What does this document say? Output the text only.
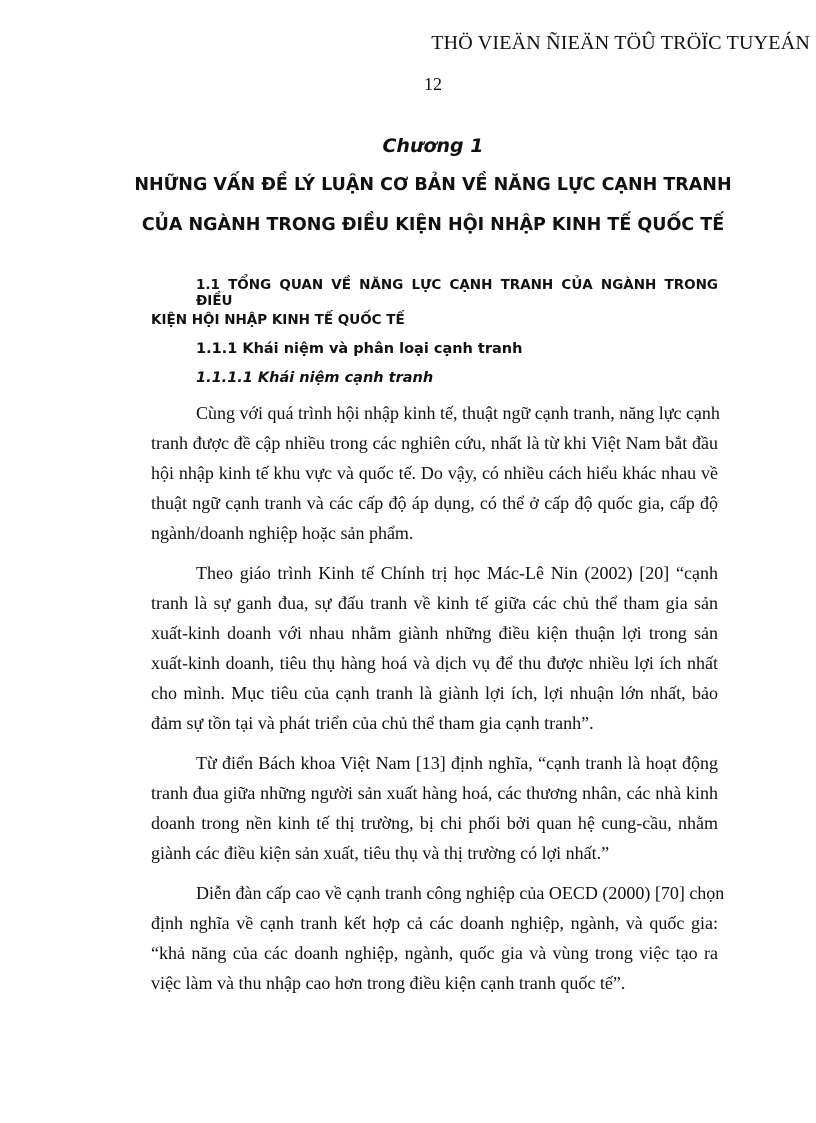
THÖ VIEÄN ÑIEÄN TÖÛ TRÖÏC TUYEÁN
12
Chương 1
NHỮNG VẤN ĐỀ LÝ LUẬN CƠ BẢN VỀ NĂNG LỰC CẠNH TRANH
CỦA NGÀNH TRONG ĐIỀU KIỆN HỘI NHẬP KINH TẾ QUỐC TẾ
1.1 TỔNG QUAN VỀ NĂNG LỰC CẠNH TRANH CỦA NGÀNH TRONG ĐIỀU
KIỆN HỘI NHẬP KINH TẾ QUỐC TẾ
1.1.1 Khái niệm và phân loại cạnh tranh
1.1.1.1 Khái niệm cạnh tranh
Cùng với quá trình hội nhập kinh tế, thuật ngữ cạnh tranh, năng lực cạnh
tranh được đề cập nhiều trong các nghiên cứu, nhất là từ khi Việt Nam bắt đầu
hội nhập kinh tế khu vực và quốc tế. Do vậy, có nhiều cách hiểu khác nhau về
thuật ngữ cạnh tranh và các cấp độ áp dụng, có thể ở cấp độ quốc gia, cấp độ
ngành/doanh nghiệp hoặc sản phẩm.
Theo giáo trình Kinh tế Chính trị học Mác-Lê Nin (2002) [20] “cạnh
tranh là sự ganh đua, sự đấu tranh về kinh tế giữa các chủ thể tham gia sản
xuất-kinh doanh với nhau nhằm giành những điều kiện thuận lợi trong sản
xuất-kinh doanh, tiêu thụ hàng hoá và dịch vụ để thu được nhiều lợi ích nhất
cho mình. Mục tiêu của cạnh tranh là giành lợi ích, lợi nhuận lớn nhất, bảo
đảm sự tồn tại và phát triển của chủ thể tham gia cạnh tranh”.
Từ điển Bách khoa Việt Nam [13] định nghĩa, “cạnh tranh là hoạt động
tranh đua giữa những người sản xuất hàng hoá, các thương nhân, các nhà kinh
doanh trong nền kinh tế thị trường, bị chi phối bởi quan hệ cung-cầu, nhằm
giành các điều kiện sản xuất, tiêu thụ và thị trường có lợi nhất.”
Diễn đàn cấp cao về cạnh tranh công nghiệp của OECD (2000) [70] chọn
định nghĩa về cạnh tranh kết hợp cả các doanh nghiệp, ngành, và quốc gia:
“khả năng của các doanh nghiệp, ngành, quốc gia và vùng trong việc tạo ra
việc làm và thu nhập cao hơn trong điều kiện cạnh tranh quốc tế”.
